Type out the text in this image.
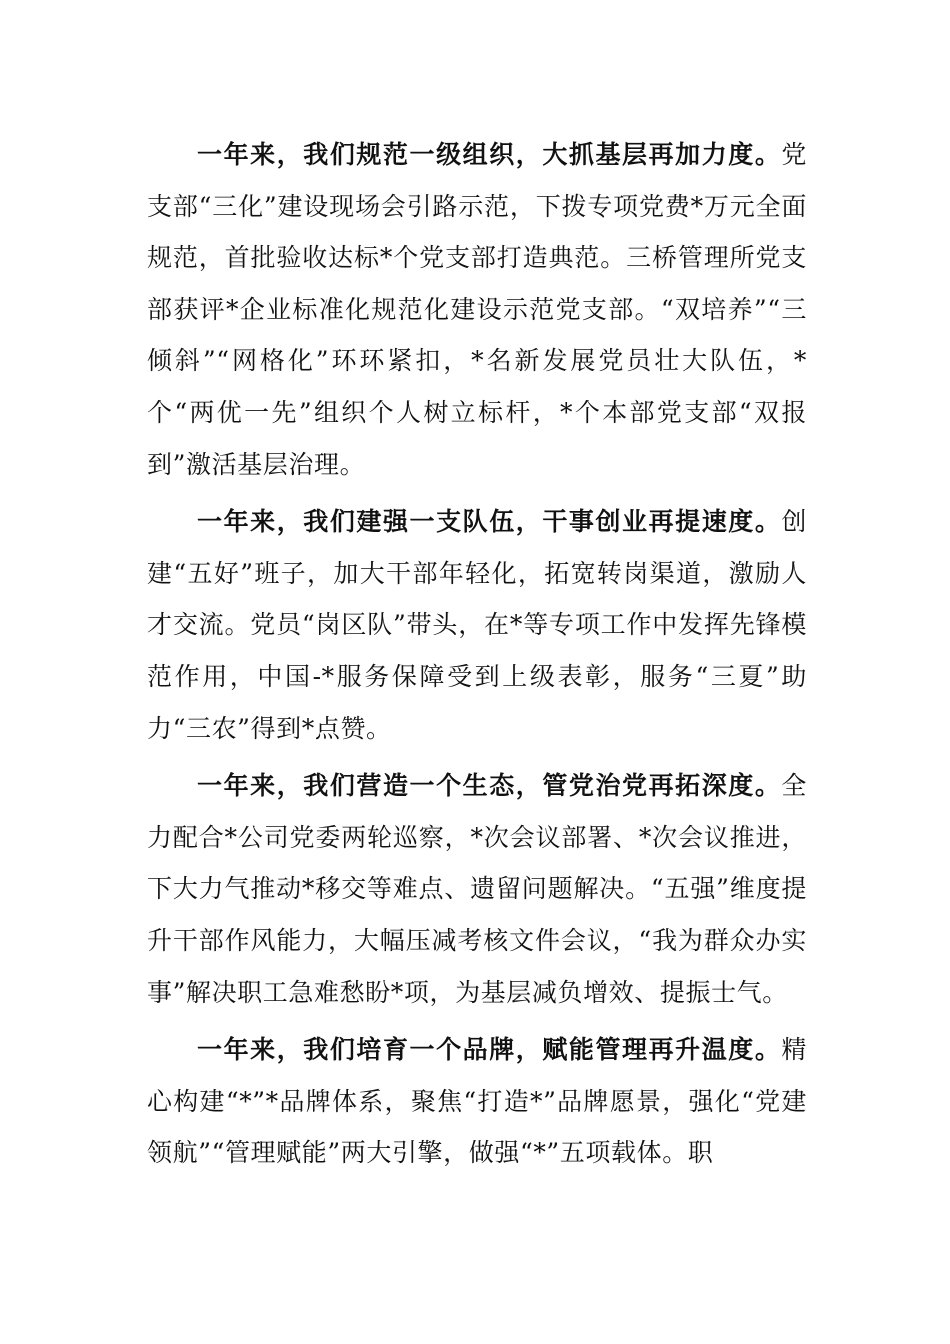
一年来，我们规范一级组织，大抓基层再加力度。党支部“三化”建设现场会引路示范，下拨专项党费*万元全面规范，首批验收达标*个党支部打造典范。三桥管理所党支部获评*企业标准化规范化建设示范党支部。“双培养”“三倾斜”“网格化”环环紧扣，*名新发展党员壮大队伍，*个“两优一先”组织个人树立标杆，*个本部党支部“双报到”激活基层治理。

一年来，我们建强一支队伍，干事创业再提速度。创建“五好”班子，加大干部年轻化，拓宽转岗渠道，激励人才交流。党员“岗区队”带头，在*等专项工作中发挥先锋模范作用，中国-*服务保障受到上级表彰，服务“三夏”助力“三农”得到*点赞。

一年来，我们营造一个生态，管党治党再拓深度。全力配合*公司党委两轮巡察，*次会议部署、*次会议推进，下大力气推动*移交等难点、遗留问题解决。“五强”维度提升干部作风能力，大幅压减考核文件会议，“我为群众办实事”解决职工急难愁盼*项，为基层减负增效、提振士气。

一年来，我们培育一个品牌，赋能管理再升温度。精心构建“*”*品牌体系，聚焦“打造*”品牌愿景，强化“党建领航”“管理赋能”两大引擎，做强“*”五项载体。职
